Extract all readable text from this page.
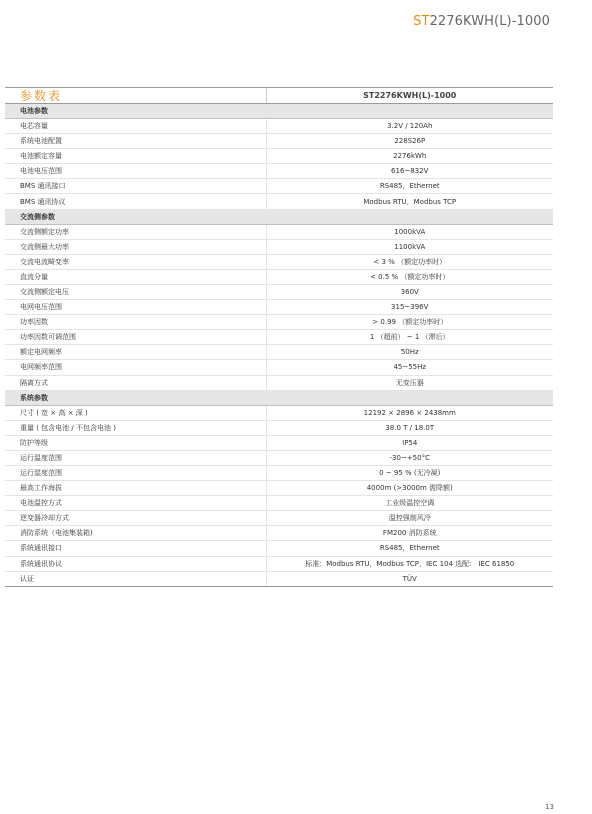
ST2276KWH(L)-1000
参数表	ST2276KWH(L)-1000
电池参数	
电芯容量	3.2V / 120Ah
系统电池配置	228S26P
电池额定容量	2276kWh
电池电压范围	616~832V
BMS 通讯接口	RS485，Ethernet
BMS 通讯协议	Modbus RTU，Modbus TCP
交流侧参数	
交流侧额定功率	1000kVA
交流侧最大功率	1100kVA
交流电流畸变率	< 3 % （额定功率时）
直流分量	< 0.5 % （额定功率时）
交流侧额定电压	360V
电网电压范围	315~396V
功率因数	> 0.99 （额定功率时）
功率因数可调范围	1 （超前） ~ 1 （滞后）
额定电网频率	50Hz
电网频率范围	45~55Hz
隔离方式	无变压器
系统参数	
尺寸 ( 宽 × 高 × 深 )	12192 × 2896 × 2438mm
重量 ( 包含电池 / 不包含电池 )	38.0 T / 18.0T
防护等级	IP54
运行温度范围	-30~+50°C
运行湿度范围	0 ~ 95 % (无冷凝)
最高工作海拔	4000m (>3000m 需降额)
电池温控方式	工业级温控空调
逆变器冷却方式	温控强制风冷
消防系统（电池集装箱)	FM200 消防系统
系统通讯接口	RS485，Ethernet
系统通讯协议	标准：Modbus RTU，Modbus TCP，IEC 104 选配： IEC 61850
认证	TÜV
13
